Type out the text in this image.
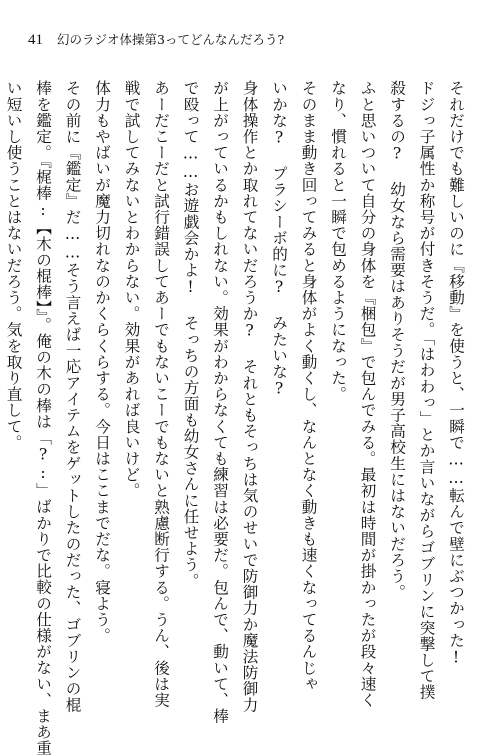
41 幻のラジオ体操第3ってどんなんだろう?

それだけでも難しいのに『移動』を使うと、一瞬で……転んで壁にぶつかった!

ドジっ子属性か称号が付きそうだ。「はわわっ」とか言いながらゴブリンに突撃して撲

殺するの? 幼女なら需要はありそうだが男子高校生にはないだろう。

ふと思いついて自分の身体を『梱包』で包んでみる。最初は時間が掛かったが段々速く

なり、慣れると一瞬で包めるようになった。

そのまま動き回ってみると身体がよく動くし、なんとなく動きも速くなってるんじゃ

いかな? プラシーボ的に? みたいな?

身体操作とか取れてないだろうか? それともそっちは気のせいで防御力か魔法防御力

が上がっているかもしれない。効果がわからなくても練習は必要だ。包んで、動いて、棒

で殴って……お遊戯会かよ! そっちの方面も幼女さんに任せよう。

あーだこーだと試行錯誤してあーでもないこーでもないと熟慮断行する。うん、後は実

戦で試してみないとわからない。効果があれば良いけど。

体力もやばいが魔力切れなのかくらくらする。今日はここまでだな。寝よう。

その前に『鑑定』だ……そう言えば一応アイテムをゲットしたのだった、ゴブリンの棍

棒を鑑定。『梶棒:【木の棍棒】』。俺の木の棒は「?:」ばかりで比較の仕様がない、まあ重

い短いし使うことはないだろう。気を取り直して。
